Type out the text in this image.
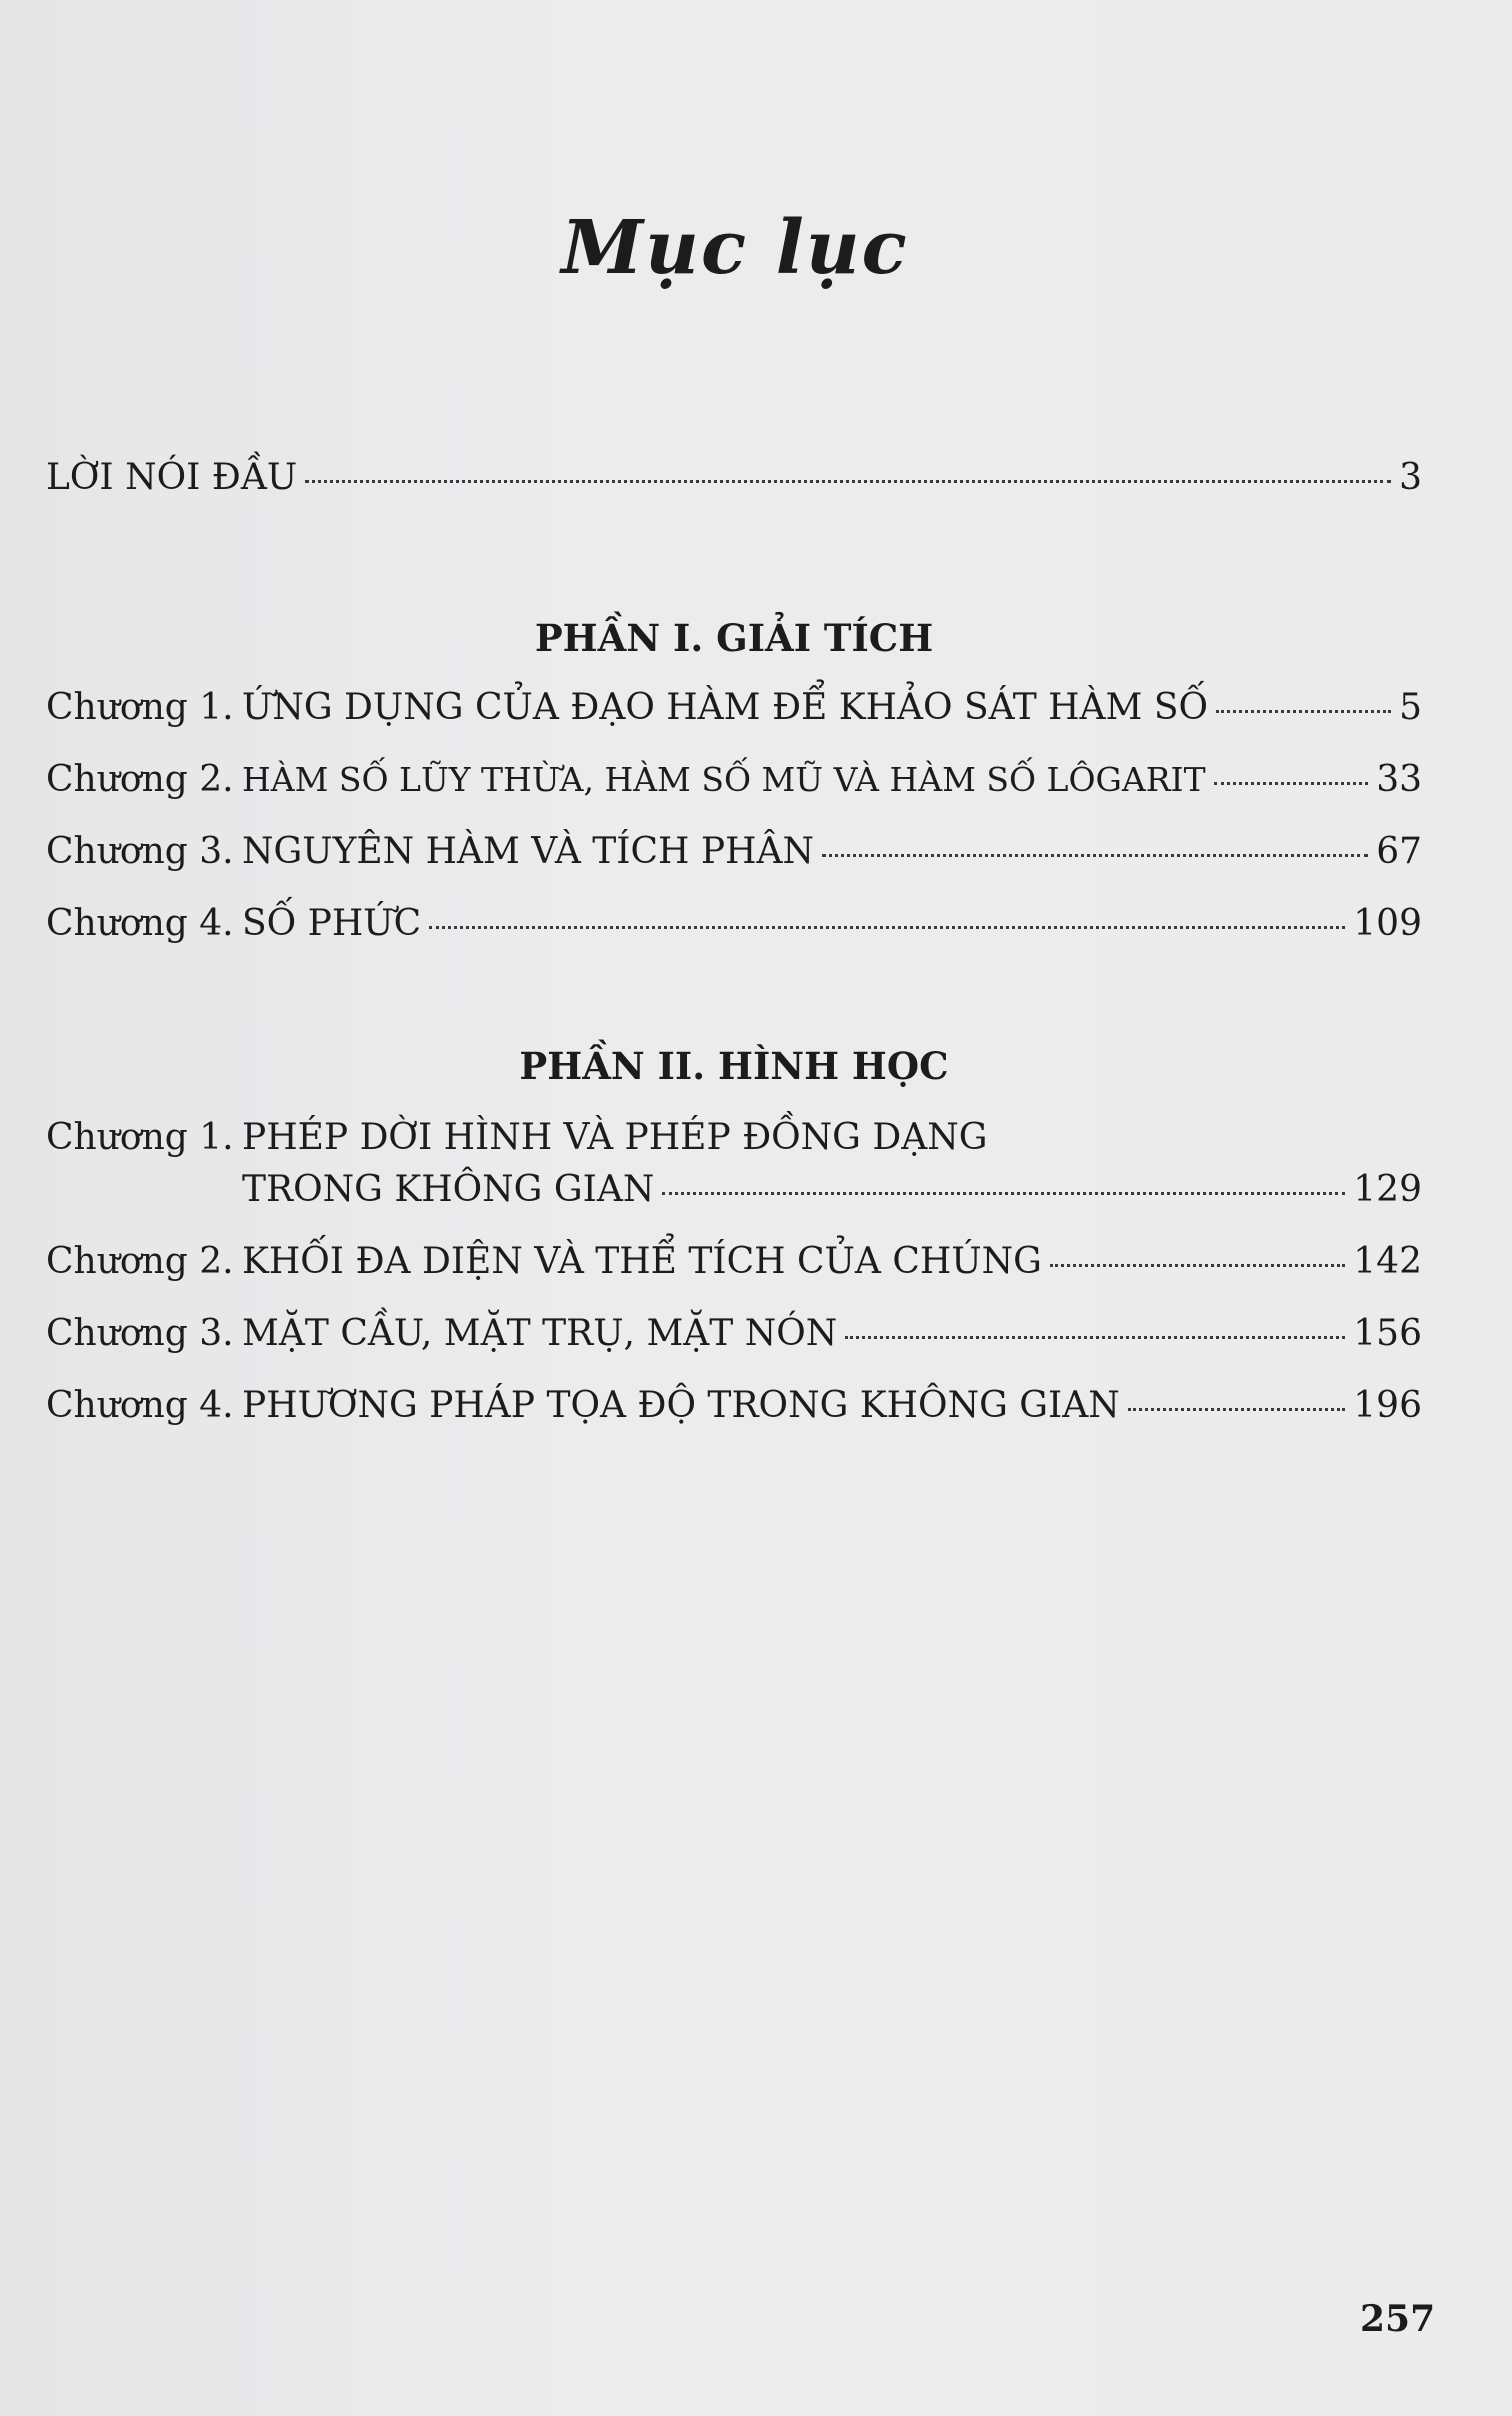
Mục lục
LỜI NÓI ĐẦU	3
PHẦN I. GIẢI TÍCH
Chương 1. ỨNG DỤNG CỦA ĐẠO HÀM ĐỂ KHẢO SÁT HÀM SỐ	5
Chương 2. HÀM SỐ LŨY THỪA, HÀM SỐ MŨ VÀ HÀM SỐ LÔGARIT	33
Chương 3. NGUYÊN HÀM VÀ TÍCH PHÂN	67
Chương 4. SỐ PHỨC	109
PHẦN II. HÌNH HỌC
Chương 1. PHÉP DỜI HÌNH VÀ PHÉP ĐỒNG DẠNG
TRONG KHÔNG GIAN	129
Chương 2. KHỐI ĐA DIỆN VÀ THỂ TÍCH CỦA CHÚNG	142
Chương 3. MẶT CẦU, MẶT TRỤ, MẶT NÓN	156
Chương 4. PHƯƠNG PHÁP TỌA ĐỘ TRONG KHÔNG GIAN	196
257
